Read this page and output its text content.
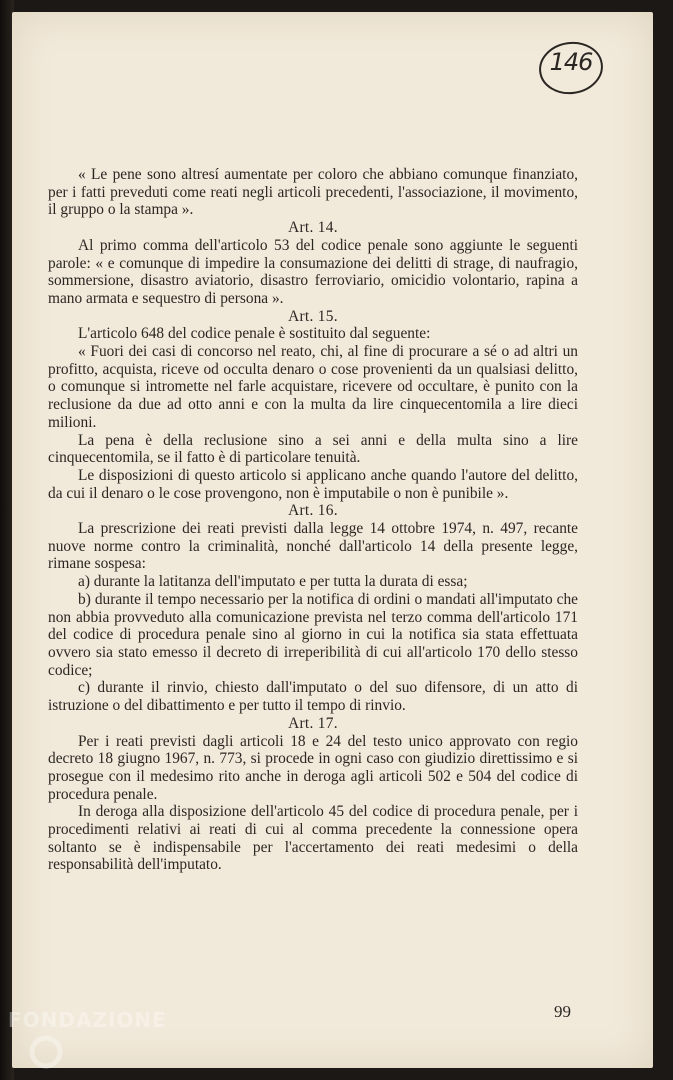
146

« Le pene sono altresí aumentate per coloro che abbiano comunque finanziato, per i fatti preveduti come reati negli articoli precedenti, l'associazione, il movimento, il gruppo o la stampa ».

Art. 14.

Al primo comma dell'articolo 53 del codice penale sono aggiunte le seguenti parole: « e comunque di impedire la consumazione dei delitti di strage, di naufragio, sommersione, disastro aviatorio, disastro ferroviario, omicidio volontario, rapina a mano armata e sequestro di persona ».

Art. 15.

L'articolo 648 del codice penale è sostituito dal seguente:

« Fuori dei casi di concorso nel reato, chi, al fine di procurare a sé o ad altri un profitto, acquista, riceve od occulta denaro o cose provenienti da un qualsiasi delitto, o comunque si intromette nel farle acquistare, ricevere od occultare, è punito con la reclusione da due ad otto anni e con la multa da lire cinquecentomila a lire dieci milioni.

La pena è della reclusione sino a sei anni e della multa sino a lire cinquecentomila, se il fatto è di particolare tenuità.

Le disposizioni di questo articolo si applicano anche quando l'autore del delitto, da cui il denaro o le cose provengono, non è imputabile o non è punibile ».

Art. 16.

La prescrizione dei reati previsti dalla legge 14 ottobre 1974, n. 497, recante nuove norme contro la criminalità, nonché dall'articolo 14 della presente legge, rimane sospesa:

a) durante la latitanza dell'imputato e per tutta la durata di essa;

b) durante il tempo necessario per la notifica di ordini o mandati all'imputato che non abbia provveduto alla comunicazione prevista nel terzo comma dell'articolo 171 del codice di procedura penale sino al giorno in cui la notifica sia stata effettuata ovvero sia stato emesso il decreto di irreperibilità di cui all'articolo 170 dello stesso codice;

c) durante il rinvio, chiesto dall'imputato o del suo difensore, di un atto di istruzione o del dibattimento e per tutto il tempo di rinvio.

Art. 17.

Per i reati previsti dagli articoli 18 e 24 del testo unico approvato con regio decreto 18 giugno 1967, n. 773, si procede in ogni caso con giudizio direttissimo e si prosegue con il medesimo rito anche in deroga agli articoli 502 e 504 del codice di procedura penale.

In deroga alla disposizione dell'articolo 45 del codice di procedura penale, per i procedimenti relativi ai reati di cui al comma precedente la connessione opera soltanto se è indispensabile per l'accertamento dei reati medesimi o della responsabilità dell'imputato.

99
FONDAZIONE
